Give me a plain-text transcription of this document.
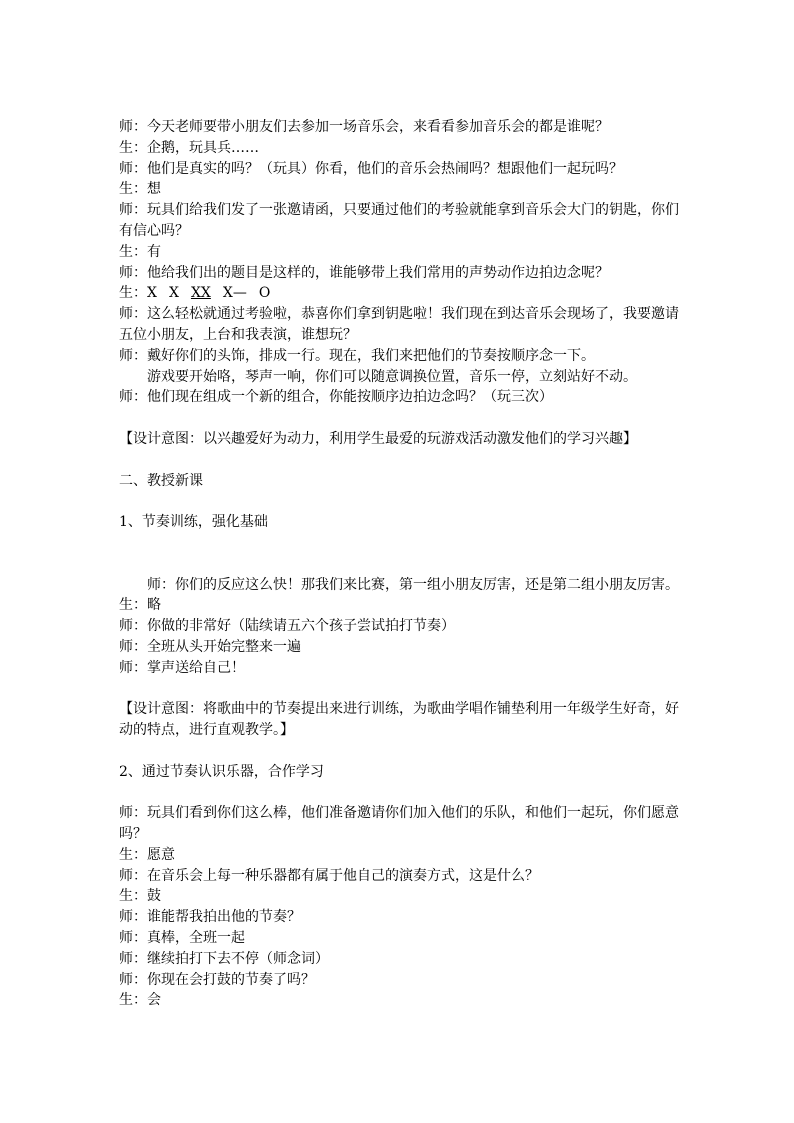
师：今天老师要带小朋友们去参加一场音乐会，来看看参加音乐会的都是谁呢？
生：企鹅，玩具兵……
师：他们是真实的吗？（玩具）你看，他们的音乐会热闹吗？想跟他们一起玩吗？
生：想
师：玩具们给我们发了一张邀请函，只要通过他们的考验就能拿到音乐会大门的钥匙，你们有信心吗？
生：有
师：他给我们出的题目是这样的，谁能够带上我们常用的声势动作边拍边念呢？
生：X X XX X— O
师：这么轻松就通过考验啦，恭喜你们拿到钥匙啦！我们现在到达音乐会现场了，我要邀请五位小朋友，上台和我表演，谁想玩？
师：戴好你们的头饰，排成一行。现在，我们来把他们的节奏按顺序念一下。
游戏要开始咯，琴声一响，你们可以随意调换位置，音乐一停，立刻站好不动。
师：他们现在组成一个新的组合，你能按顺序边拍边念吗？（玩三次）
【设计意图：以兴趣爱好为动力，利用学生最爱的玩游戏活动激发他们的学习兴趣】
二、教授新课
1、节奏训练，强化基础
师：你们的反应这么快！那我们来比赛，第一组小朋友厉害，还是第二组小朋友厉害。
生：略
师：你做的非常好（陆续请五六个孩子尝试拍打节奏）
师：全班从头开始完整来一遍
师：掌声送给自己！
【设计意图：将歌曲中的节奏提出来进行训练，为歌曲学唱作铺垫利用一年级学生好奇，好动的特点，进行直观教学。】
2、通过节奏认识乐器，合作学习
师：玩具们看到你们这么棒，他们准备邀请你们加入他们的乐队，和他们一起玩，你们愿意吗？
生：愿意
师：在音乐会上每一种乐器都有属于他自己的演奏方式，这是什么？
生：鼓
师：谁能帮我拍出他的节奏？
师：真棒，全班一起
师：继续拍打下去不停（师念词）
师：你现在会打鼓的节奏了吗？
生：会
